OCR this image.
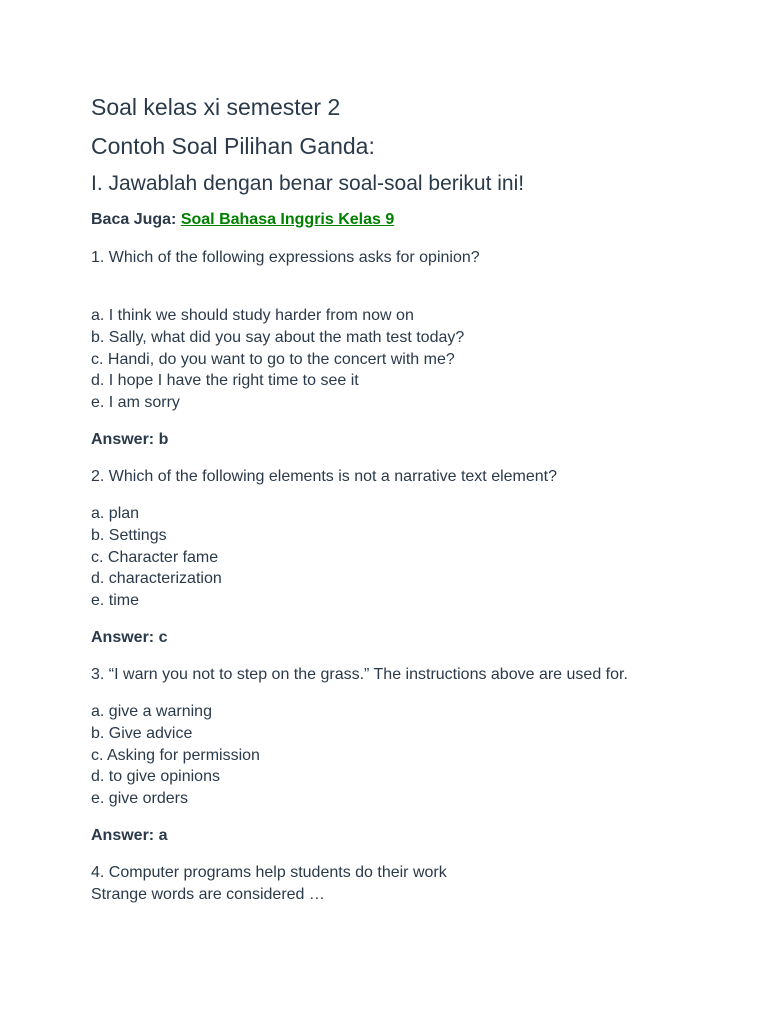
Soal kelas xi semester 2
Contoh Soal Pilihan Ganda:
I. Jawablah dengan benar soal-soal berikut ini!
Baca Juga: Soal Bahasa Inggris Kelas 9

1. Which of the following expressions asks for opinion?

a. I think we should study harder from now on
b. Sally, what did you say about the math test today?
c. Handi, do you want to go to the concert with me?
d. I hope I have the right time to see it
e. I am sorry
Answer: b

2. Which of the following elements is not a narrative text element?

a. plan
b. Settings
c. Character fame
d. characterization
e. time
Answer: c

3. “I warn you not to step on the grass.” The instructions above are used for.

a. give a warning
b. Give advice
c. Asking for permission
d. to give opinions
e. give orders
Answer: a

4. Computer programs help students do their work

Strange words are considered …
